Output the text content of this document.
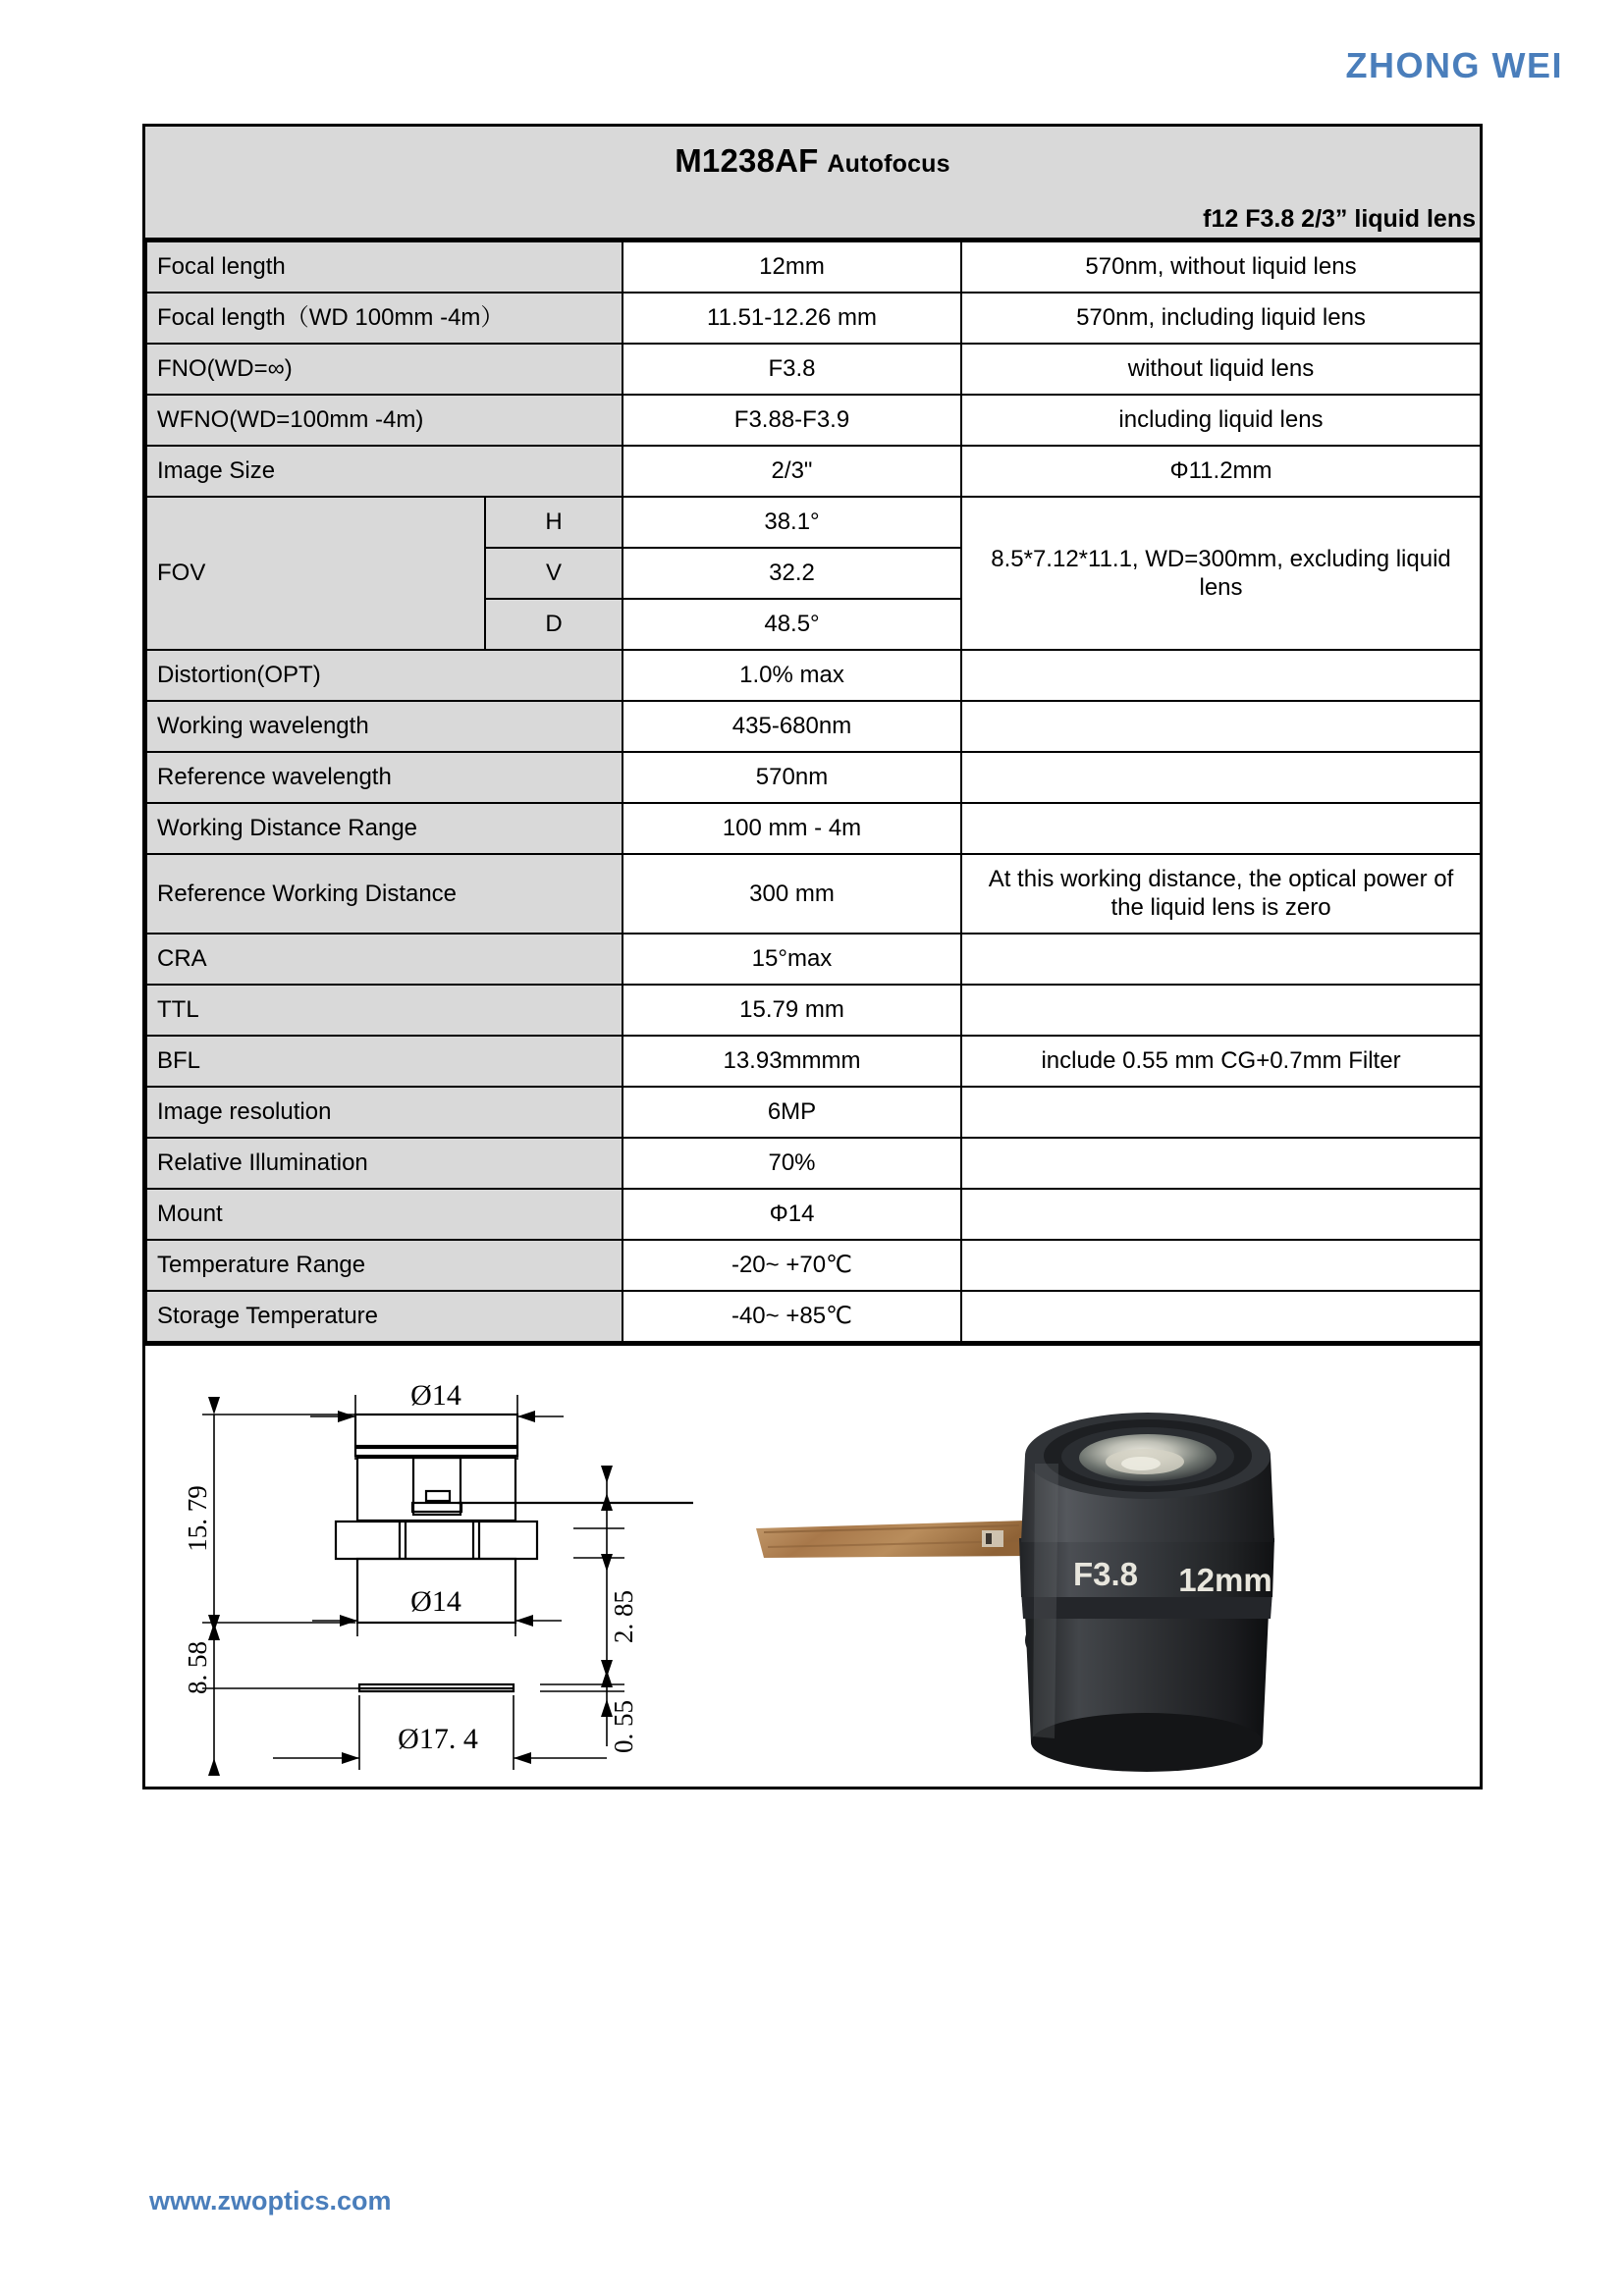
ZHONG WEI
M1238AF Autofocus
f12 F3.8 2/3” liquid lens
Focal length		12mm	570nm, without liquid lens
Focal length（WD 100mm -4m）		11.51-12.26 mm	570nm, including liquid lens
FNO(WD=∞)		F3.8	without liquid lens
WFNO(WD=100mm -4m)		F3.88-F3.9	including liquid lens
Image Size		2/3"	Φ11.2mm
FOV	H	38.1°	8.5*7.12*11.1, WD=300mm, excluding liquid lens
	V	32.2	
	D	48.5°	
Distortion(OPT)		1.0% max	
Working wavelength		435-680nm	
Reference wavelength		570nm	
Working Distance Range		100 mm - 4m	
Reference Working Distance		300 mm	At this working distance, the optical power of the liquid lens is zero
CRA		15°max	
TTL		15.79 mm	
BFL		13.93mmmm	include 0.55 mm CG+0.7mm Filter
Image resolution		6MP	
Relative Illumination		70%	
Mount		Φ14	
Temperature Range		-20~ +70℃	
Storage Temperature		-40~ +85℃	
Ø14
15. 79
8. 58
Ø14
Ø17. 4
2. 85
0. 55
F3.8 12mm
www.zwoptics.com
